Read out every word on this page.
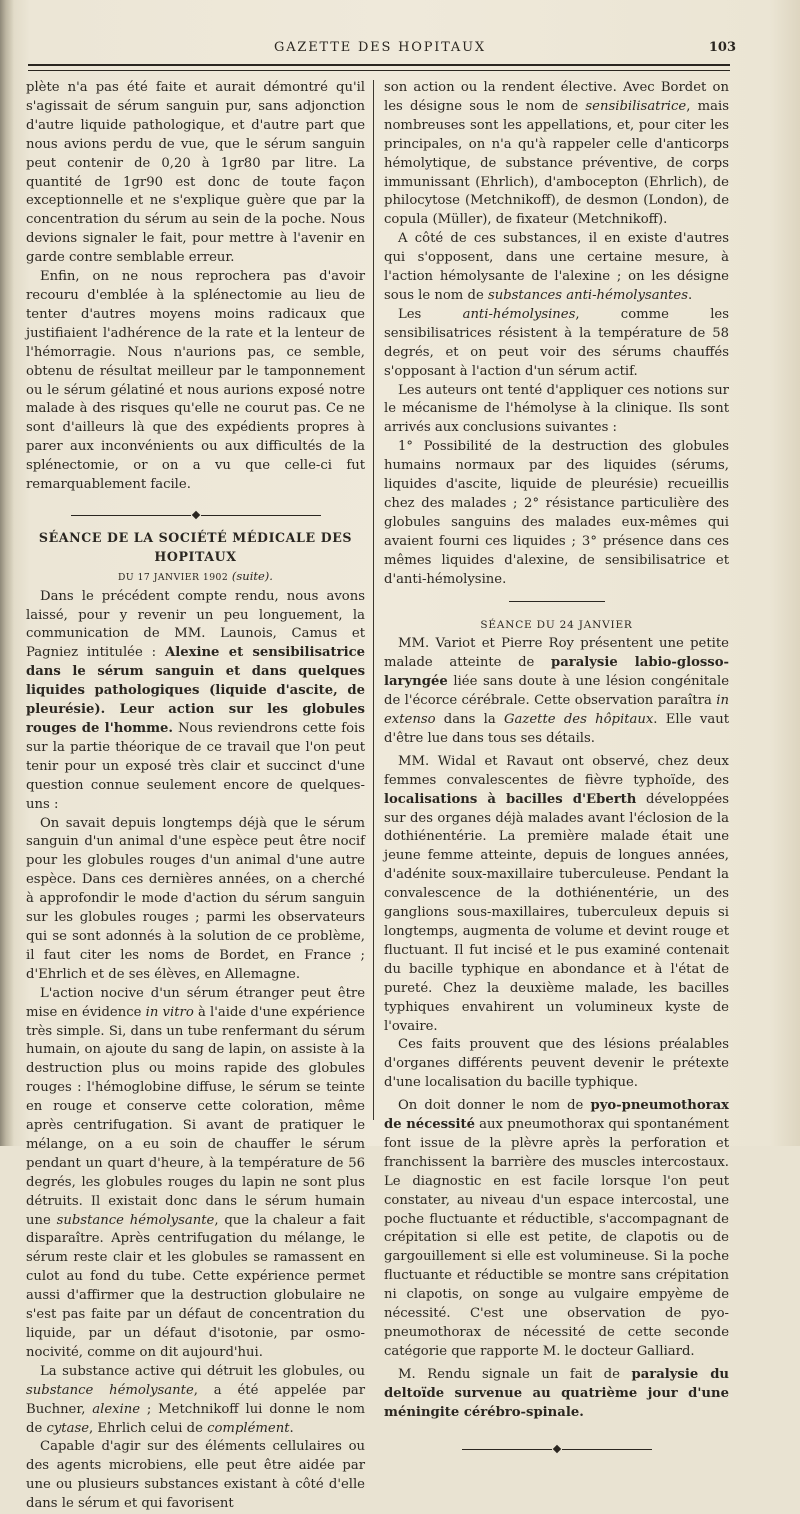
GAZETTE DES HOPITAUX	103

plète n'a pas été faite et aurait démontré qu'il s'agissait de sérum sanguin pur, sans adjonction d'autre liquide pathologique, et d'autre part que nous avions perdu de vue, que le sérum sanguin peut contenir de 0,20 à 1gr80 par litre. La quantité de 1gr90 est donc de toute façon exceptionnelle et ne s'explique guère que par la concentration du sérum au sein de la poche. Nous devions signaler le fait, pour mettre à l'avenir en garde contre semblable erreur.

Enfin, on ne nous reprochera pas d'avoir recouru d'emblée à la splénectomie au lieu de tenter d'autres moyens moins radicaux que justifiaient l'adhérence de la rate et la lenteur de l'hémorragie. Nous n'aurions pas, ce semble, obtenu de résultat meilleur par le tamponnement ou le sérum gélatiné et nous aurions exposé notre malade à des risques qu'elle ne courut pas. Ce ne sont d'ailleurs là que des expédients propres à parer aux inconvénients ou aux difficultés de la splénectomie, or on a vu que celle-ci fut remarquablement facile.

SÉANCE DE LA SOCIÉTÉ MÉDICALE DES HOPITAUX

DU 17 JANVIER 1902 (suite).

Dans le précédent compte rendu, nous avons laissé, pour y revenir un peu longuement, la communication de MM. Launois, Camus et Pagniez intitulée : Alexine et sensibilisatrice dans le sérum sanguin et dans quelques liquides pathologiques (liquide d'ascite, de pleurésie). Leur action sur les globules rouges de l'homme. Nous reviendrons cette fois sur la partie théorique de ce travail que l'on peut tenir pour un exposé très clair et succinct d'une question connue seulement encore de quelques-uns :

On savait depuis longtemps déjà que le sérum sanguin d'un animal d'une espèce peut être nocif pour les globules rouges d'un animal d'une autre espèce. Dans ces dernières années, on a cherché à approfondir le mode d'action du sérum sanguin sur les globules rouges ; parmi les observateurs qui se sont adonnés à la solution de ce problème, il faut citer les noms de Bordet, en France ; d'Ehrlich et de ses élèves, en Allemagne.

L'action nocive d'un sérum étranger peut être mise en évidence in vitro à l'aide d'une expérience très simple. Si, dans un tube renfermant du sérum humain, on ajoute du sang de lapin, on assiste à la destruction plus ou moins rapide des globules rouges : l'hémoglobine diffuse, le sérum se teinte en rouge et conserve cette coloration, même après centrifugation. Si avant de pratiquer le mélange, on a eu soin de chauffer le sérum pendant un quart d'heure, à la température de 56 degrés, les globules rouges du lapin ne sont plus détruits. Il existait donc dans le sérum humain une substance hémolysante, que la chaleur a fait disparaître. Après centrifugation du mélange, le sérum reste clair et les globules se ramassent en culot au fond du tube. Cette expérience permet aussi d'affirmer que la destruction globulaire ne s'est pas faite par un défaut de concentration du liquide, par un défaut d'isotonie, par osmo-nocivité, comme on dit aujourd'hui.

La substance active qui détruit les globules, ou substance hémolysante, a été appelée par Buchner, alexine ; Metchnikoff lui donne le nom de cytase, Ehrlich celui de complément.

Capable d'agir sur des éléments cellulaires ou des agents microbiens, elle peut être aidée par une ou plusieurs substances existant à côté d'elle dans le sérum et qui favorisent

son action ou la rendent élective. Avec Bordet on les désigne sous le nom de sensibilisatrice, mais nombreuses sont les appellations, et, pour citer les principales, on n'a qu'à rappeler celle d'anticorps hémolytique, de substance préventive, de corps immunissant (Ehrlich), d'ambocepton (Ehrlich), de philocytose (Metchnikoff), de desmon (London), de copula (Müller), de fixateur (Metchnikoff).

A côté de ces substances, il en existe d'autres qui s'opposent, dans une certaine mesure, à l'action hémolysante de l'alexine ; on les désigne sous le nom de substances anti-hémolysantes.

Les anti-hémolysines, comme les sensibilisatrices résistent à la température de 58 degrés, et on peut voir des sérums chauffés s'opposant à l'action d'un sérum actif.

Les auteurs ont tenté d'appliquer ces notions sur le mécanisme de l'hémolyse à la clinique. Ils sont arrivés aux conclusions suivantes :

1° Possibilité de la destruction des globules humains normaux par des liquides (sérums, liquides d'ascite, liquide de pleurésie) recueillis chez des malades ; 2° résistance particulière des globules sanguins des malades eux-mêmes qui avaient fourni ces liquides ; 3° présence dans ces mêmes liquides d'alexine, de sensibilisatrice et d'anti-hémolysine.

SÉANCE DU 24 JANVIER

MM. Variot et Pierre Roy présentent une petite malade atteinte de paralysie labio-glosso-laryngée liée sans doute à une lésion congénitale de l'écorce cérébrale. Cette observation paraîtra in extenso dans la Gazette des hôpitaux. Elle vaut d'être lue dans tous ses détails.

MM. Widal et Ravaut ont observé, chez deux femmes convalescentes de fièvre typhoïde, des localisations à bacilles d'Eberth développées sur des organes déjà malades avant l'éclosion de la dothiénentérie. La première malade était une jeune femme atteinte, depuis de longues années, d'adénite soux-maxillaire tuberculeuse. Pendant la convalescence de la dothiénentérie, un des ganglions sous-maxillaires, tuberculeux depuis si longtemps, augmenta de volume et devint rouge et fluctuant. Il fut incisé et le pus examiné contenait du bacille typhique en abondance et à l'état de pureté. Chez la deuxième malade, les bacilles typhiques envahirent un volumineux kyste de l'ovaire.

Ces faits prouvent que des lésions préalables d'organes différents peuvent devenir le prétexte d'une localisation du bacille typhique.

On doit donner le nom de pyo-pneumothorax de nécessité aux pneumothorax qui spontanément font issue de la plèvre après la perforation et franchissent la barrière des muscles intercostaux. Le diagnostic en est facile lorsque l'on peut constater, au niveau d'un espace intercostal, une poche fluctuante et réductible, s'accompagnant de crépitation si elle est petite, de clapotis ou de gargouillement si elle est volumineuse. Si la poche fluctuante et réductible se montre sans crépitation ni clapotis, on songe au vulgaire empyème de nécessité. C'est une observation de pyo-pneumothorax de nécessité de cette seconde catégorie que rapporte M. le docteur Galliard.

M. Rendu signale un fait de paralysie du deltoïde survenue au quatrième jour d'une méningite cérébro-spinale.
